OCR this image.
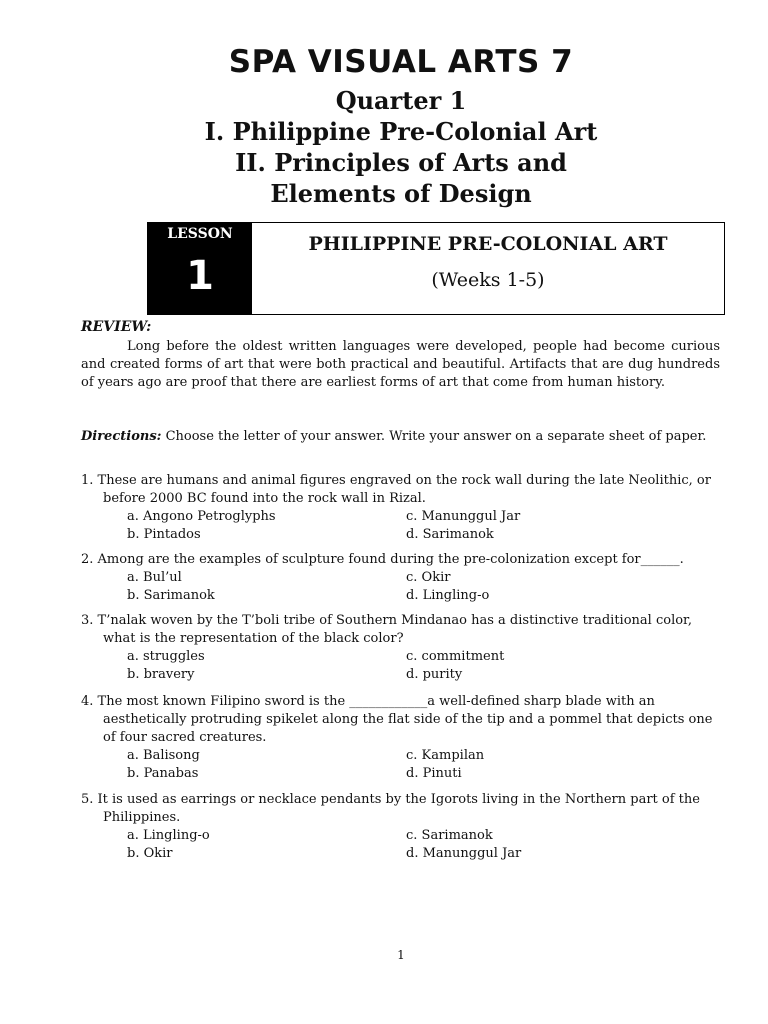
SPA VISUAL ARTS 7
Quarter 1
I. Philippine Pre-Colonial Art
II. Principles of Arts and
Elements of Design
LESSON
1
PHILIPPINE PRE-COLONIAL ART
(Weeks 1-5)
REVIEW:
Long before the oldest written languages were developed, people had become curious and created forms of art that were both practical and beautiful. Artifacts that are dug hundreds of years ago are proof that there are earliest forms of art that come from human history.
Directions: Choose the letter of your answer. Write your answer on a separate sheet of paper.
1. These are humans and animal figures engraved on the rock wall during the late Neolithic, or before 2000 BC found into the rock wall in Rizal.
a. Angono Petroglyphs	c. Manunggul Jar
b. Pintados	d. Sarimanok
2. Among are the examples of sculpture found during the pre-colonization except for______.
a. Bul’ul	c. Okir
b. Sarimanok	d. Lingling-o
3. T’nalak woven by the T’boli tribe of Southern Mindanao has a distinctive traditional color, what is the representation of the black color?
a. struggles	c. commitment
b. bravery	d. purity
4. The most known Filipino sword is the ____________a well-defined sharp blade with an aesthetically protruding spikelet along the flat side of the tip and a pommel that depicts one of four sacred creatures.
a. Balisong	c. Kampilan
b. Panabas	d. Pinuti
5. It is used as earrings or necklace pendants by the Igorots living in the Northern part of the Philippines.
a. Lingling-o	c. Sarimanok
b. Okir	d. Manunggul Jar
1
